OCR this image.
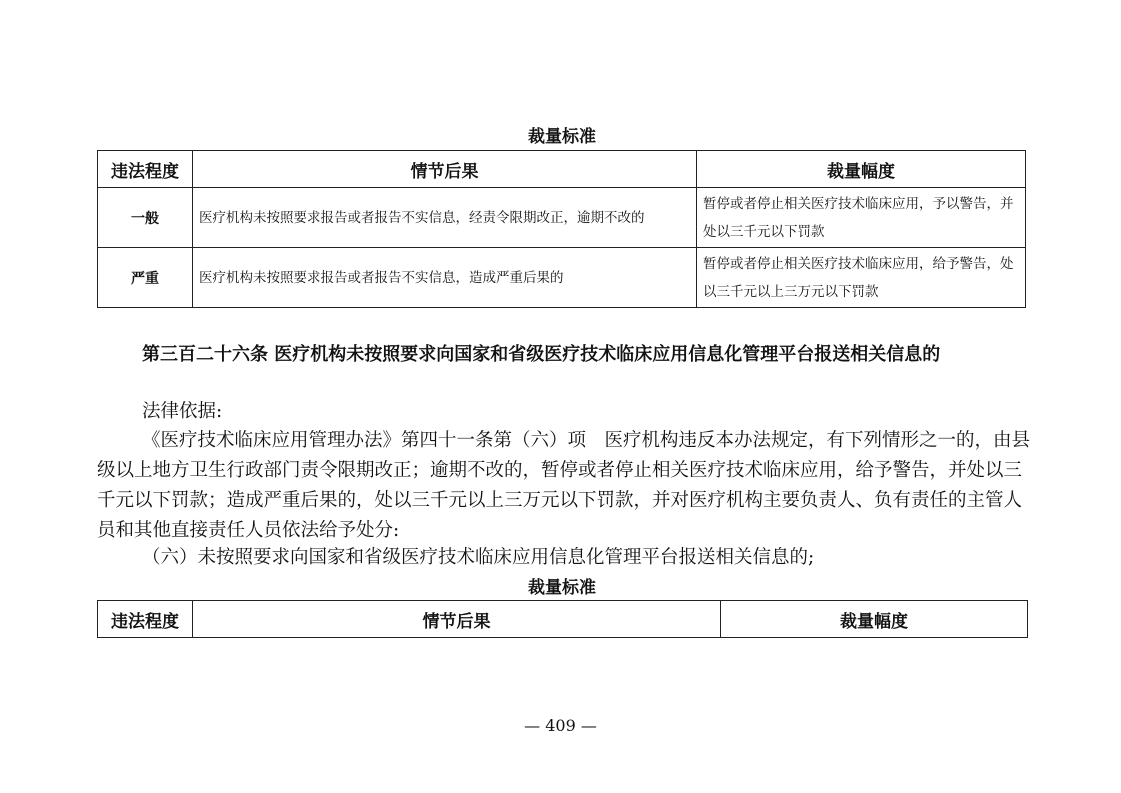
裁量标准
违法程度	情节后果	裁量幅度
一般	医疗机构未按照要求报告或者报告不实信息，经责令限期改正，逾期不改的	暂停或者停止相关医疗技术临床应用，予以警告，并处以三千元以下罚款
严重	医疗机构未按照要求报告或者报告不实信息，造成严重后果的	暂停或者停止相关医疗技术临床应用，给予警告，处以三千元以上三万元以下罚款

第三百二十六条 医疗机构未按照要求向国家和省级医疗技术临床应用信息化管理平台报送相关信息的

法律依据:

《医疗技术临床应用管理办法》第四十一条第（六）项　医疗机构违反本办法规定，有下列情形之一的，由县级以上地方卫生行政部门责令限期改正；逾期不改的，暂停或者停止相关医疗技术临床应用，给予警告，并处以三千元以下罚款；造成严重后果的，处以三千元以上三万元以下罚款，并对医疗机构主要负责人、负有责任的主管人员和其他直接责任人员依法给予处分:

（六）未按照要求向国家和省级医疗技术临床应用信息化管理平台报送相关信息的;

裁量标准
违法程度	情节后果	裁量幅度
— 409 —
